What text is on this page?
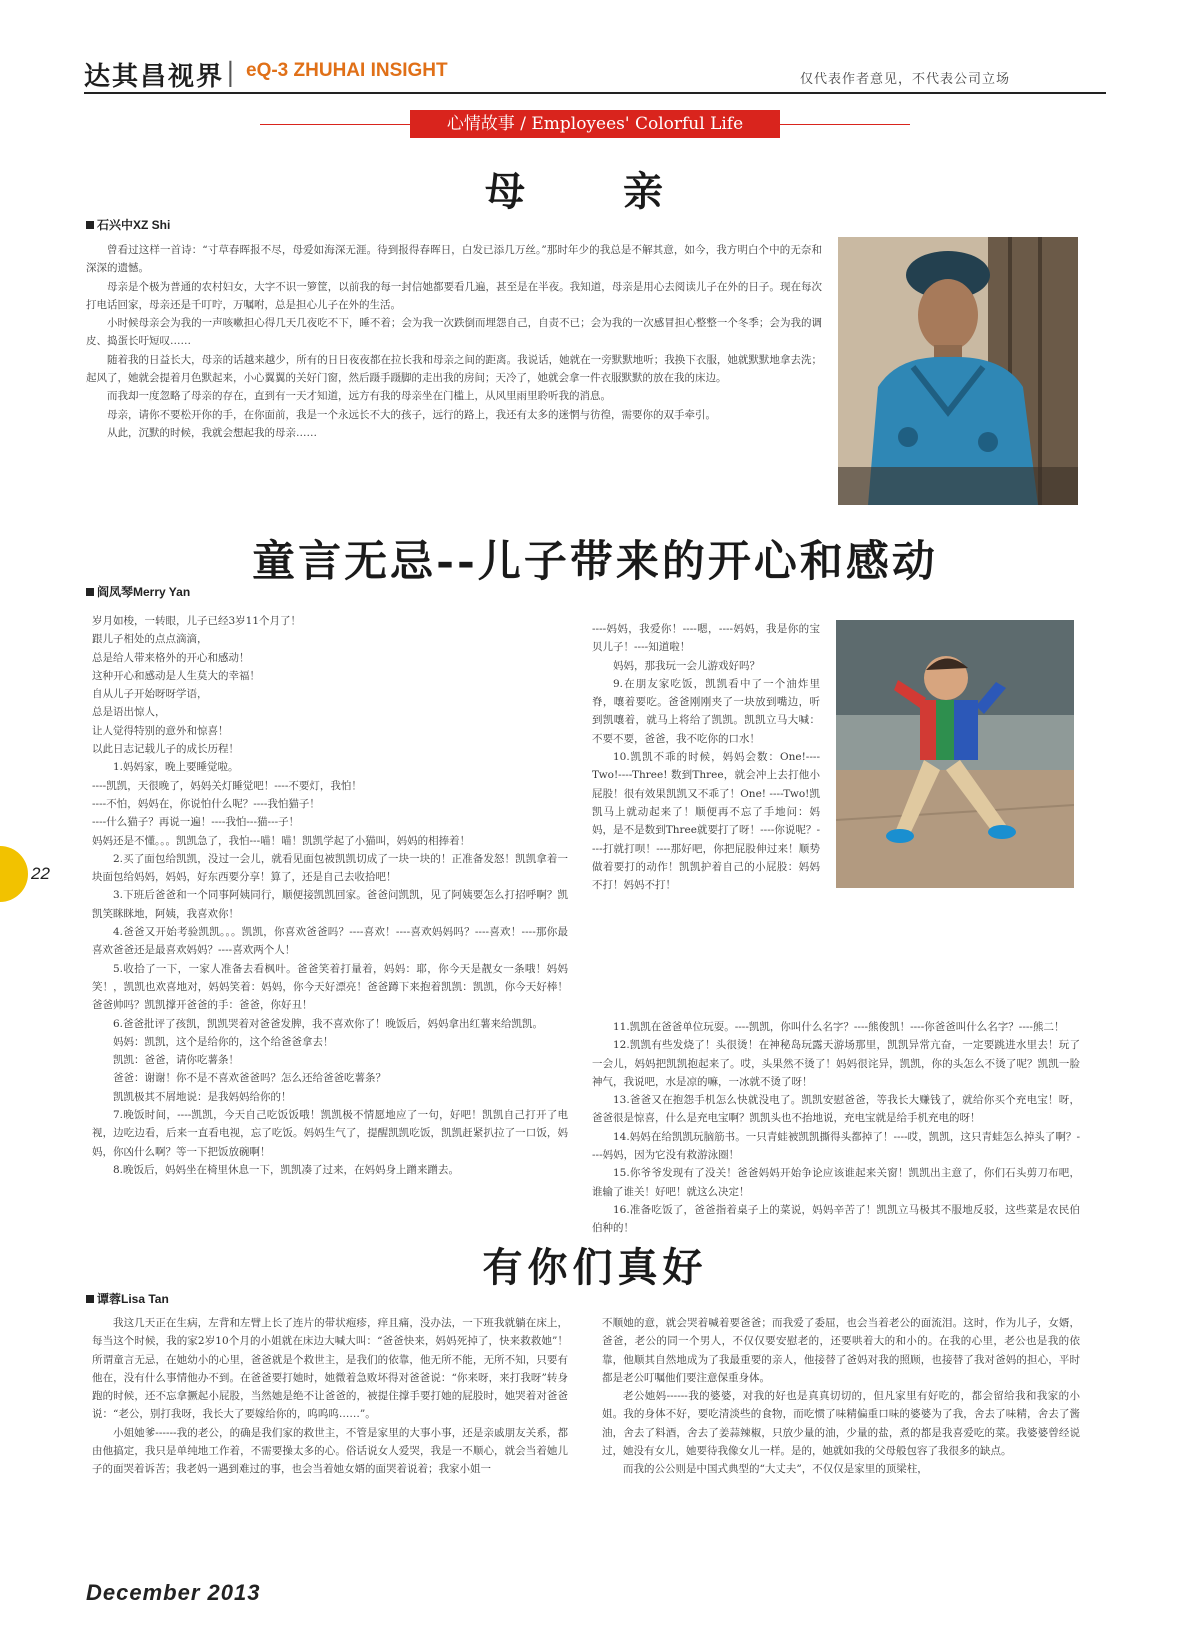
达其昌视界 | eQ-3 ZHUHAI INSIGHT	仅代表作者意见，不代表公司立场
心情故事 / Employees' Colorful Life
母 亲
石兴中XZ Shi

曾看过这样一首诗：“寸草春晖报不尽，母爱如海深无涯。待到报得春晖日，白发已添几万丝。”那时年少的我总是不解其意，如今，我方明白个中的无奈和深深的遗憾。

母亲是个极为普通的农村妇女，大字不识一箩筐，以前我的每一封信她都要看几遍，甚至是在半夜。我知道，母亲是用心去阅读儿子在外的日子。现在每次打电话回家，母亲还是千叮咛，万嘱咐，总是担心儿子在外的生活。

小时候母亲会为我的一声咳嗽担心得几天几夜吃不下，睡不着；会为我一次跌倒而埋怨自己，自责不已；会为我的一次感冒担心整整一个冬季；会为我的调皮、捣蛋长吁短叹……

随着我的日益长大，母亲的话越来越少，所有的日日夜夜都在拉长我和母亲之间的距离。我说话，她就在一旁默默地听；我换下衣服，她就默默地拿去洗；起风了，她就会提着月色默起来，小心翼翼的关好门窗，然后蹑手蹑脚的走出我的房间；天冷了，她就会拿一件衣服默默的放在我的床边。

而我却一度忽略了母亲的存在，直到有一天才知道，远方有我的母亲坐在门槛上，从风里雨里聆听我的消息。

母亲，请你不要松开你的手，在你面前，我是一个永远长不大的孩子，远行的路上，我还有太多的迷惘与彷徨，需要你的双手牵引。

从此，沉默的时候，我就会想起我的母亲……

童言无忌--儿子带来的开心和感动
阎凤琴Merry Yan

岁月如梭，一转眼，儿子已经3岁11个月了！

跟儿子相处的点点滴滴，

总是给人带来格外的开心和感动！

这种开心和感动是人生莫大的幸福！

自从儿子开始呀呀学语，

总是语出惊人，

让人觉得特别的意外和惊喜！

以此日志记载儿子的成长历程！

1.妈妈家，晚上要睡觉啦。

----凯凯，天很晚了，妈妈关灯睡觉吧！----不要灯，我怕！

----不怕，妈妈在，你说怕什么呢？----我怕猫子！

----什么猫子？再说一遍！----我怕---猫---子！

妈妈还是不懂。。。凯凯急了，我怕---喵！喵！凯凯学起了小猫叫，妈妈的相捧着！

2.买了面包给凯凯，没过一会儿，就看见面包被凯凯切成了一块一块的！正准备发怒！凯凯拿着一块面包给妈妈，妈妈，好东西要分享！算了，还是自己去收拾吧！

3.下班后爸爸和一个同事阿姨同行，顺便接凯凯回家。爸爸问凯凯，见了阿姨要怎么打招呼啊？凯凯笑眯眯地，阿姨，我喜欢你！

4.爸爸又开始考验凯凯。。。凯凯，你喜欢爸爸吗？----喜欢！----喜欢妈妈吗？----喜欢！----那你最喜欢爸爸还是最喜欢妈妈？----喜欢两个人！

5.收拾了一下，一家人准备去看枫叶。爸爸笑着打量着，妈妈：耶，你今天是靓女一条哦！妈妈笑！，凯凯也欢喜地对，妈妈笑着：妈妈，你今天好漂亮！爸爸蹲下来抱着凯凯：凯凯，你今天好棒！爸爸帅吗？凯凯撑开爸爸的手：爸爸，你好丑！

6.爸爸批评了孩凯，凯凯哭着对爸爸发脾，我不喜欢你了！晚饭后，妈妈拿出红薯来给凯凯。

妈妈：凯凯，这个是给你的，这个给爸爸拿去！

凯凯：爸爸，请你吃薯条！

爸爸：谢谢！你不是不喜欢爸爸吗？怎么还给爸爸吃薯条？

凯凯极其不屑地说：是我妈妈给你的！

7.晚饭时间，----凯凯，今天自己吃饭饭哦！凯凯极不情愿地应了一句，好吧！凯凯自己打开了电视，边吃边看，后来一直看电视，忘了吃饭。妈妈生气了，提醒凯凯吃饭，凯凯赶紧扒拉了一口饭，妈妈，你凶什么啊？等一下把饭放碗啊！

8.晚饭后，妈妈坐在椅里休息一下，凯凯凑了过来，在妈妈身上蹭来蹭去。

----妈妈，我爱你！----嗯，----妈妈，我是你的宝贝儿子！----知道啦！

妈妈，那我玩一会儿游戏好吗？

9.在朋友家吃饭，凯凯看中了一个油炸里脊，嚷着要吃。爸爸刚刚夹了一块放到嘴边，听到凯嚷着，就马上将给了凯凯。凯凯立马大喊：不要不要，爸爸，我不吃你的口水！

10.凯凯不乖的时候，妈妈会数：One!----Two!----Three! 数到Three，就会冲上去打他小屁股！很有效果凯凯又不乖了！One! ----Two!凯凯马上就动起来了！顺便再不忘了手地问：妈妈，是不是数到Three就要打了呀！----你说呢？----打就打呗！----那好吧，你把屁股伸过来！顺势做着要打的动作！凯凯护着自己的小屁股：妈妈不打！妈妈不打！

11.凯凯在爸爸单位玩耍。----凯凯，你叫什么名字？----熊俊凯！----你爸爸叫什么名字？----熊二！

12.凯凯有些发烧了！头很烫！在神秘岛玩露天游场那里，凯凯异常亢奋，一定要跳进水里去！玩了一会儿，妈妈把凯凯抱起来了。哎，头果然不烫了！妈妈很诧异，凯凯，你的头怎么不烫了呢？凯凯一脸神气，我说吧，水是凉的嘛，一冰就不烫了呀！

13.爸爸又在抱怨手机怎么快就没电了。凯凯安慰爸爸，等我长大赚钱了，就给你买个充电宝！呀，爸爸很是惊喜，什么是充电宝啊？凯凯头也不抬地说，充电宝就是给手机充电的呀！

14.妈妈在给凯凯玩脑筋书。一只青蛙被凯凯撕得头都掉了！----哎，凯凯，这只青蛙怎么掉头了啊？----妈妈，因为它没有救游泳圈！

15.你爷爷发现有了没关！爸爸妈妈开始争论应该谁起来关窗！凯凯出主意了，你们石头剪刀布吧，谁输了谁关！好吧！就这么决定！

16.准备吃饭了，爸爸指着桌子上的菜说，妈妈辛苦了！凯凯立马极其不服地反驳，这些菜是农民伯伯种的！

22
有你们真好
谭蓉Lisa Tan

我这几天正在生病，左背和左臂上长了连片的带状疱疹，痒且痛，没办法，一下班我就躺在床上，每当这个时候，我的家2岁10个月的小姐就在床边大喊大叫：“爸爸快来，妈妈死掉了，快来救救她”！所谓童言无忌，在她幼小的心里，爸爸就是个救世主，是我们的依靠，他无所不能，无所不知，只要有他在，没有什么事情他办不到。在爸爸要打她时，她微着急败坏得对爸爸说：“你来呀，来打我呀”转身跑的时候，还不忘拿撅起小屁股，当然她是绝不让爸爸的，被提住撑手要打她的屁股时，她哭着对爸爸说：“老公，别打我呀，我长大了要嫁给你的，呜呜呜……”。

小姐她爹------我的老公，的确是我们家的救世主，不管是家里的大事小事，还是亲戚朋友关系，都由他搞定，我只是单纯地工作着，不需要操太多的心。俗话说女人爱哭，我是一不顺心，就会当着她儿子的面哭着诉苦；我老妈一遇到难过的事，也会当着她女婿的面哭着说着；我家小姐一

不顺她的意，就会哭着喊着要爸爸；而我爱了委屈，也会当着老公的面流泪。这时，作为儿子，女婿，爸爸，老公的同一个男人，不仅仅要安慰老的，还要哄着大的和小的。在我的心里，老公也是我的依靠，他顺其自然地成为了我最重要的亲人，他接替了爸妈对我的照顾，也接替了我对爸妈的担心，平时都是老公叮嘱他们要注意保重身体。

老公她妈------我的婆婆，对我的好也是真真切切的，但凡家里有好吃的，都会留给我和我家的小姐。我的身体不好，要吃清淡些的食物，而吃惯了味精偏重口味的婆婆为了我，舍去了味精，舍去了酱油，舍去了料酒，舍去了姜蒜辣椒，只放少量的油，少量的盐，煮的都是我喜爱吃的菜。我婆婆曾经说过，她没有女儿，她要待我像女儿一样。是的，她就如我的父母般包容了我很多的缺点。

而我的公公则是中国式典型的“大丈夫”，不仅仅是家里的顶梁柱，

December 2013
